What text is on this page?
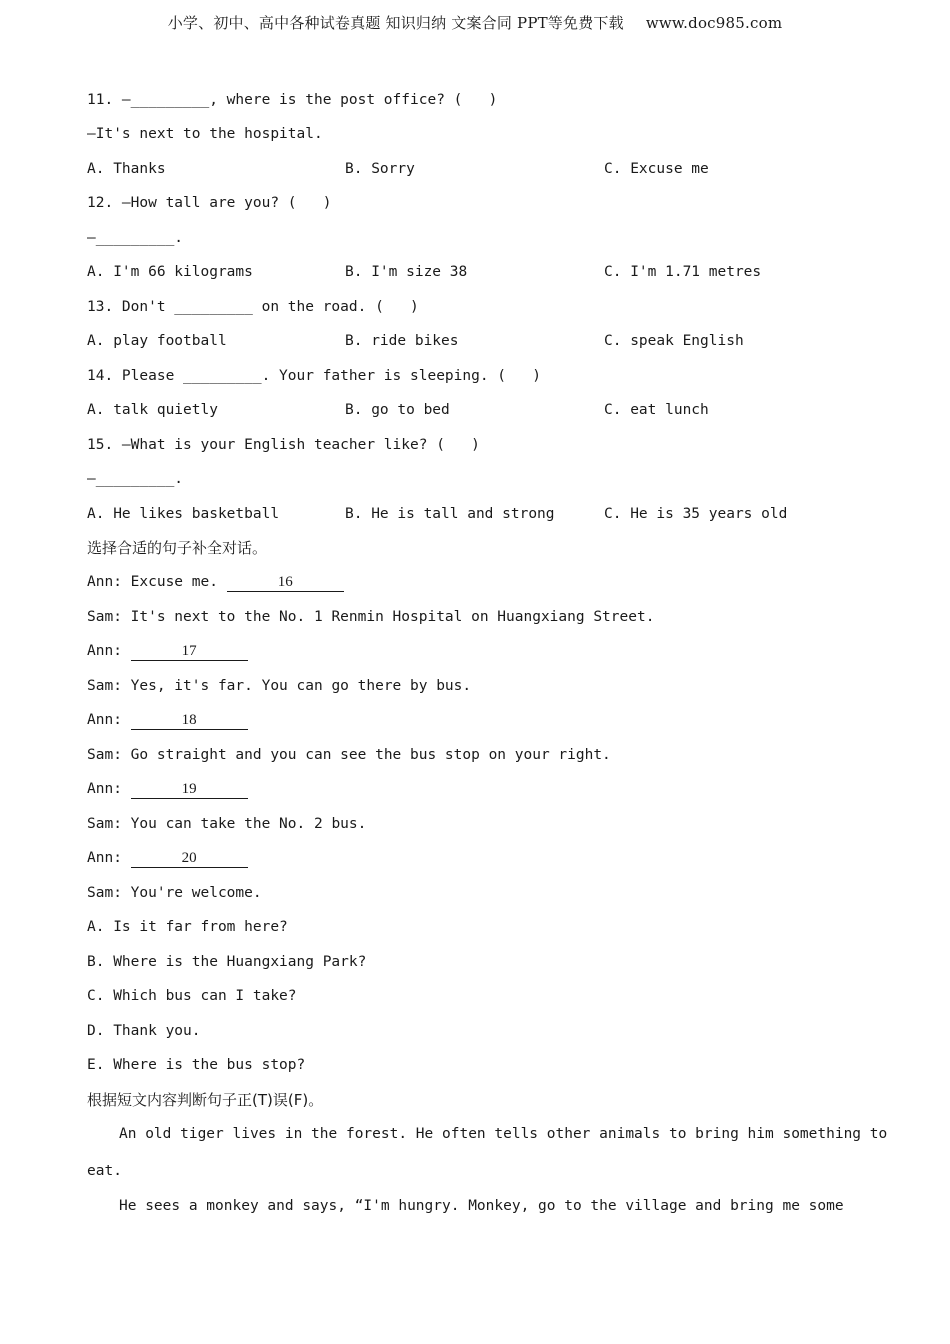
小学、初中、高中各种试卷真题 知识归纳 文案合同 PPT等免费下载 www.doc985.com
11. —_________, where is the post office? (   )
—It's next to the hospital.
A. Thanks	B. Sorry	C. Excuse me
12. —How tall are you? (   )
—_________.
A. I'm 66 kilograms	B. I'm size 38	C. I'm 1.71 metres
13. Don't _________ on the road. (   )
A. play football	B. ride bikes	C. speak English
14. Please _________. Your father is sleeping. (   )
A. talk quietly	B. go to bed	C. eat lunch
15. —What is your English teacher like? (   )
—_________.
A. He likes basketball	B. He is tall and strong	C. He is 35 years old
选择合适的句子补全对话。
Ann: Excuse me.	16
Sam: It's next to the No. 1 Renmin Hospital on Huangxiang Street.
Ann:	17
Sam: Yes, it's far. You can go there by bus.
Ann:	18
Sam: Go straight and you can see the bus stop on your right.
Ann:	19
Sam: You can take the No. 2 bus.
Ann:	20
Sam: You're welcome.
A. Is it far from here?
B. Where is the Huangxiang Park?
C. Which bus can I take?
D. Thank you.
E. Where is the bus stop?
根据短文内容判断句子正(T)误(F)。
An old tiger lives in the forest. He often tells other animals to bring him something to
eat.
He sees a monkey and says, “I'm hungry. Monkey, go to the village and bring me some
